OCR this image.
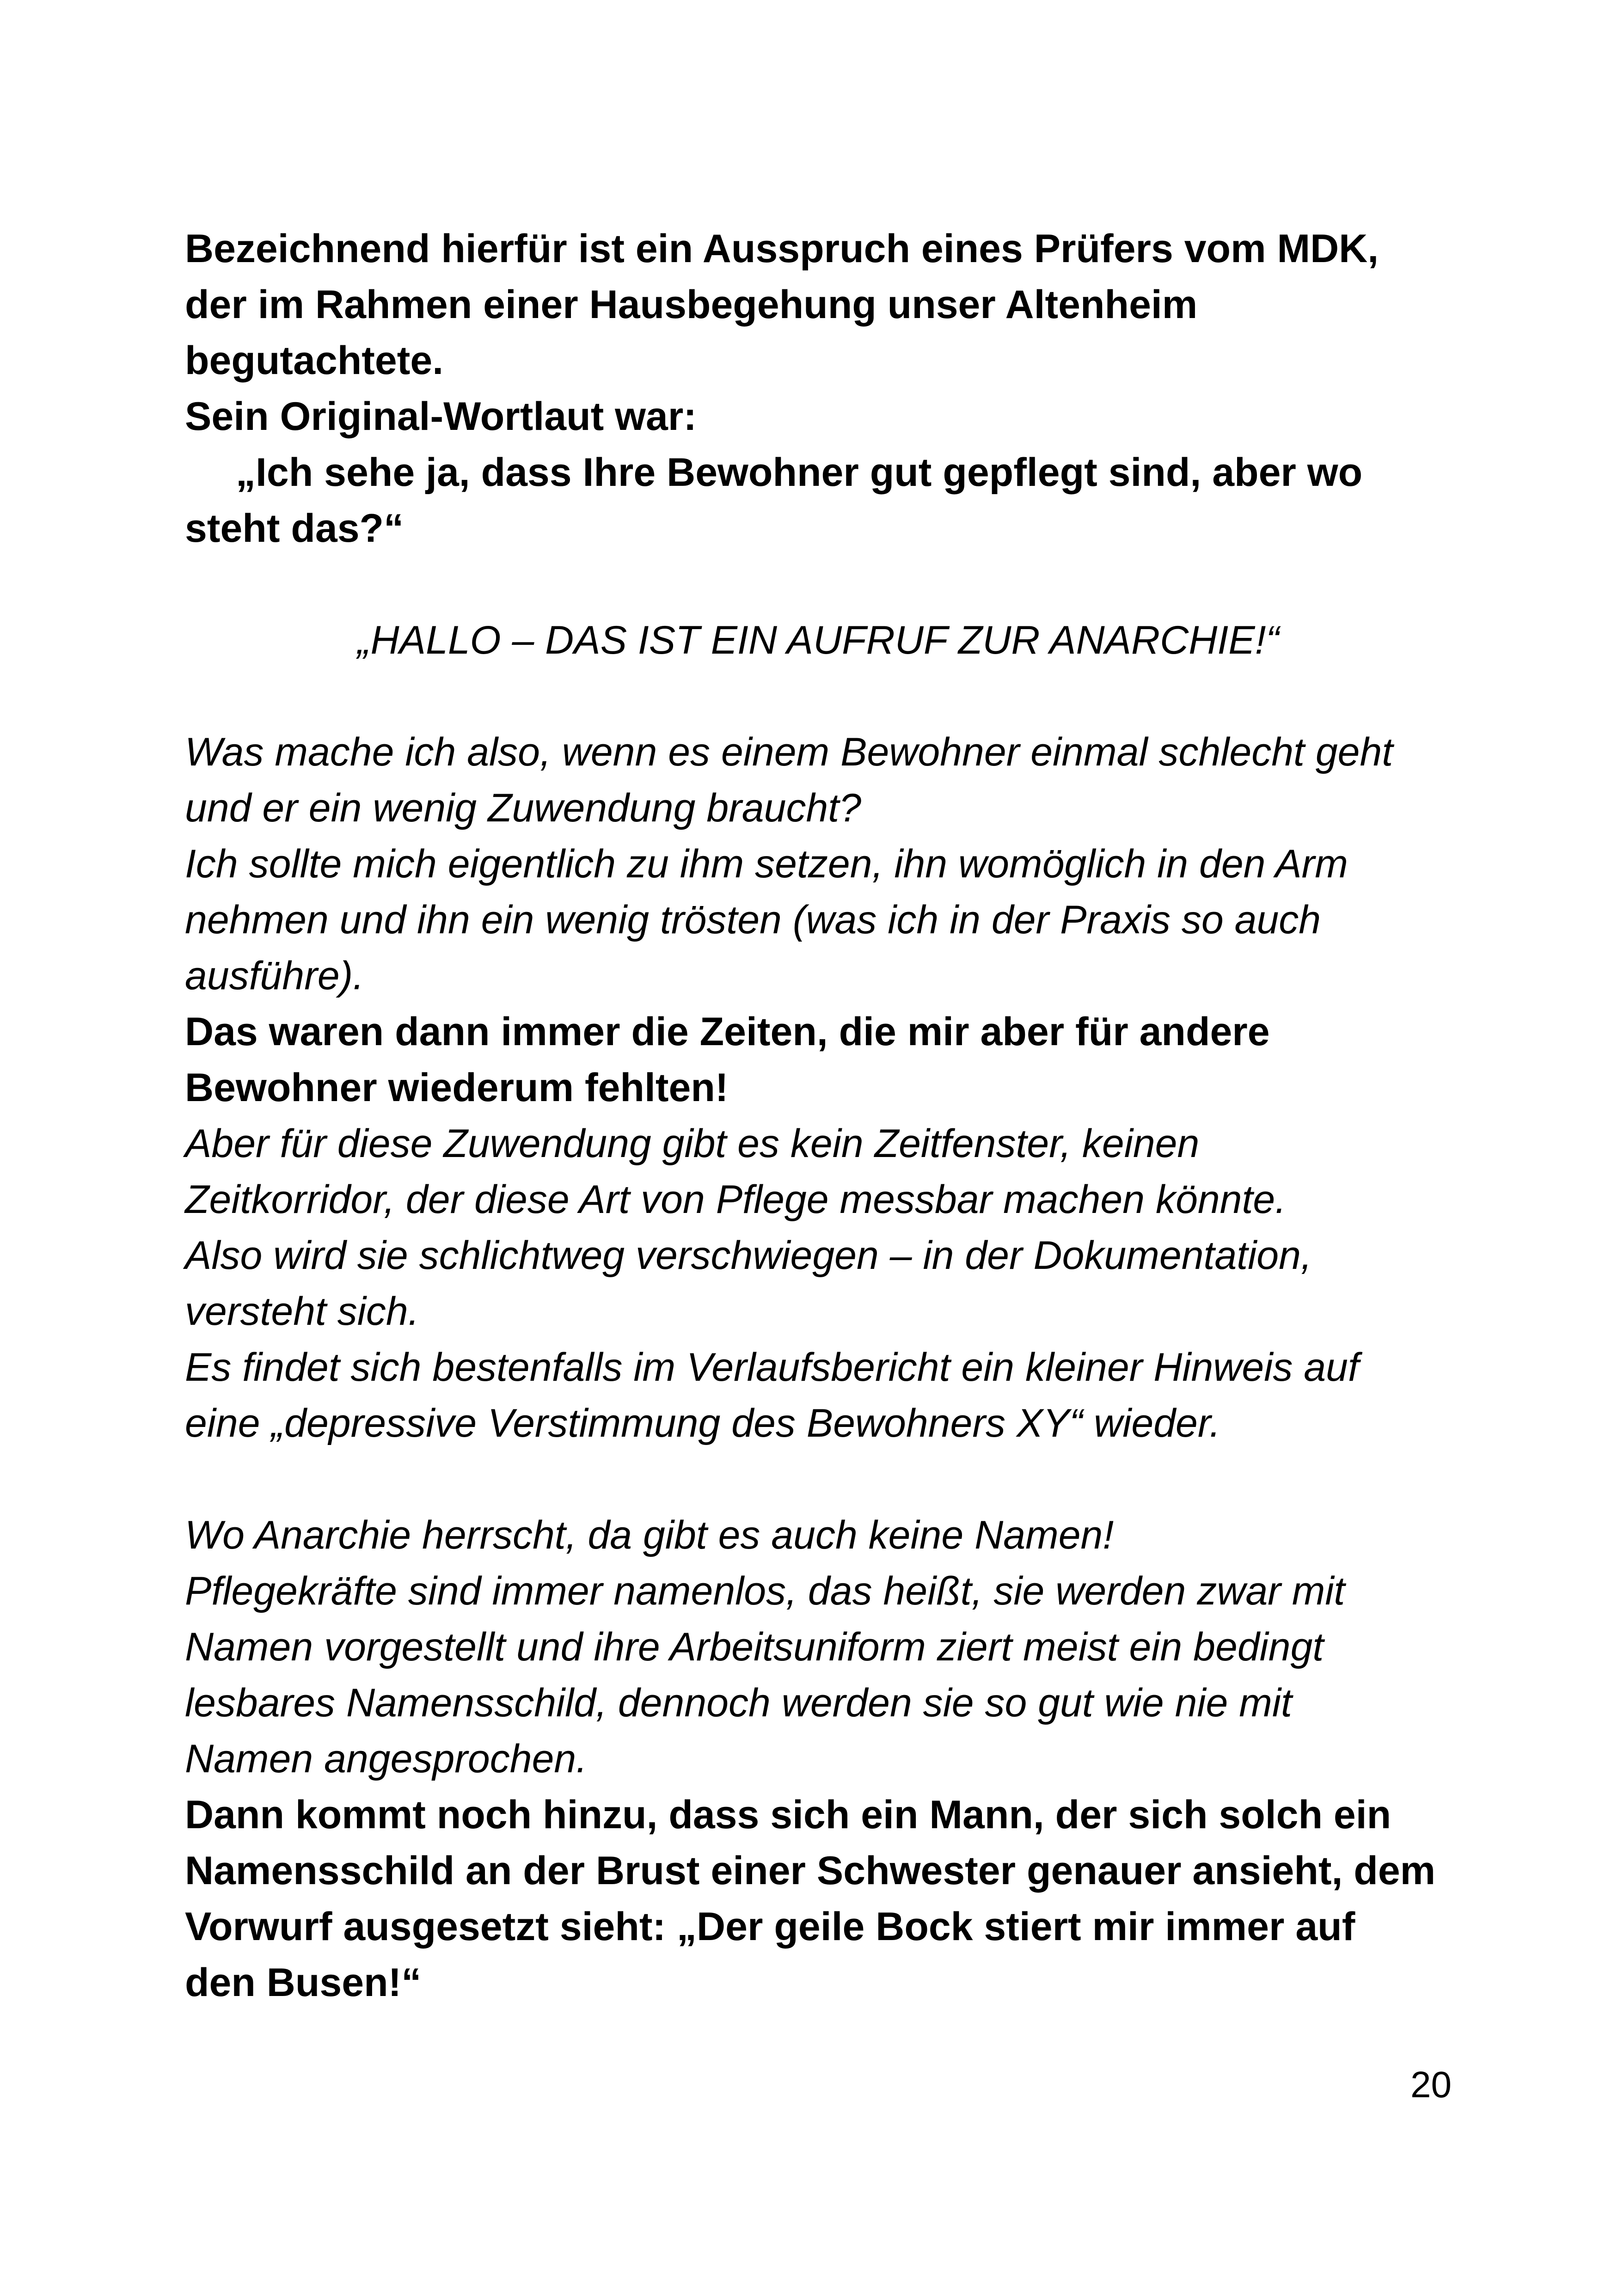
Bezeichnend hierfür ist ein Ausspruch eines Prüfers vom MDK,
der im Rahmen einer Hausbegehung unser Altenheim
begutachtete.
Sein Original-Wortlaut war:
„Ich sehe ja, dass Ihre Bewohner gut gepflegt sind, aber wo
steht das?“
„HALLO – DAS IST EIN AUFRUF ZUR ANARCHIE!“
Was mache ich also, wenn es einem Bewohner einmal schlecht geht
und er ein wenig Zuwendung braucht?
Ich sollte mich eigentlich zu ihm setzen, ihn womöglich in den Arm
nehmen und ihn ein wenig trösten (was ich in der Praxis so auch
ausführe).
Das waren dann immer die Zeiten, die mir aber für andere
Bewohner wiederum fehlten!
Aber für diese Zuwendung gibt es kein Zeitfenster, keinen
Zeitkorridor, der diese Art von Pflege messbar machen könnte.
Also wird sie schlichtweg verschwiegen – in der Dokumentation,
versteht sich.
Es findet sich bestenfalls im Verlaufsbericht ein kleiner Hinweis auf
eine „depressive Verstimmung des Bewohners XY“ wieder.
Wo Anarchie herrscht, da gibt es auch keine Namen!
Pflegekräfte sind immer namenlos, das heißt, sie werden zwar mit
Namen vorgestellt und ihre Arbeitsuniform ziert meist ein bedingt
lesbares Namensschild, dennoch werden sie so gut wie nie mit
Namen angesprochen.
Dann kommt noch hinzu, dass sich ein Mann, der sich solch ein
Namensschild an der Brust einer Schwester genauer ansieht, dem
Vorwurf ausgesetzt sieht: „Der geile Bock stiert mir immer auf
den Busen!“
20
